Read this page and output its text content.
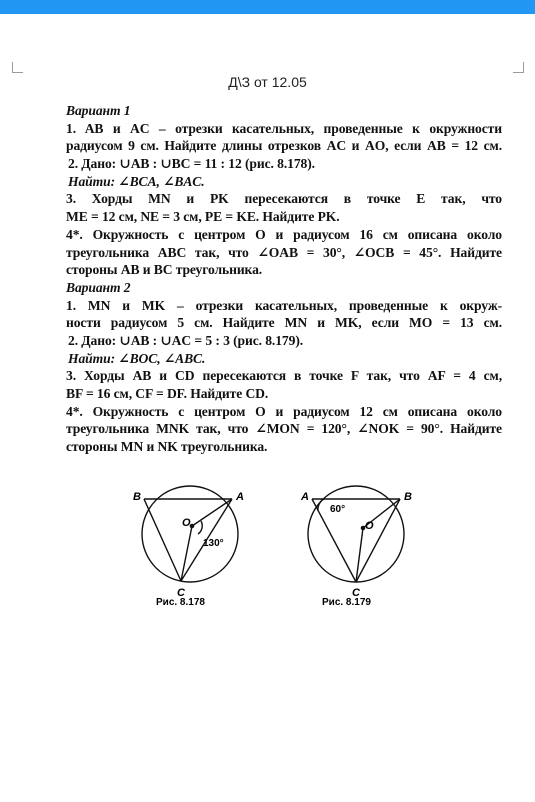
Д\З от 12.05
Вариант 1
1. AB и AC – отрезки касательных, проведенные к окружности
радиусом 9 см. Найдите длины отрезков AC и AO, если AB = 12 см.
2. Дано: ∪AB : ∪BC = 11 : 12 (рис. 8.178).
Найти: ∠BCA, ∠BAC.
3. Хорды MN и PK пересекаются в точке E так, что
ME = 12 см, NE = 3 см, PE = KE. Найдите PK.
4*. Окружность с центром O и радиусом 16 см описана около
треугольника ABC так, что ∠OAB = 30°, ∠OCB = 45°. Найдите
стороны AB и BC треугольника.
Вариант 2
1. MN и MK – отрезки касательных, проведенные к окруж-
ности радиусом 5 см. Найдите MN и MK, если MO = 13 см.
2. Дано: ∪AB : ∪AC = 5 : 3 (рис. 8.179).
Найти: ∠BOC, ∠ABC.
3. Хорды AB и CD пересекаются в точке F так, что AF = 4 см,
BF = 16 см, CF = DF. Найдите CD.
4*. Окружность с центром O и радиусом 12 см описана около
треугольника MNK так, что ∠MON = 120°, ∠NOK = 90°. Найдите
стороны MN и NK треугольника.
B	A
C
O
130°
Рис. 8.178
A	B
C
O
60°
Рис. 8.179
